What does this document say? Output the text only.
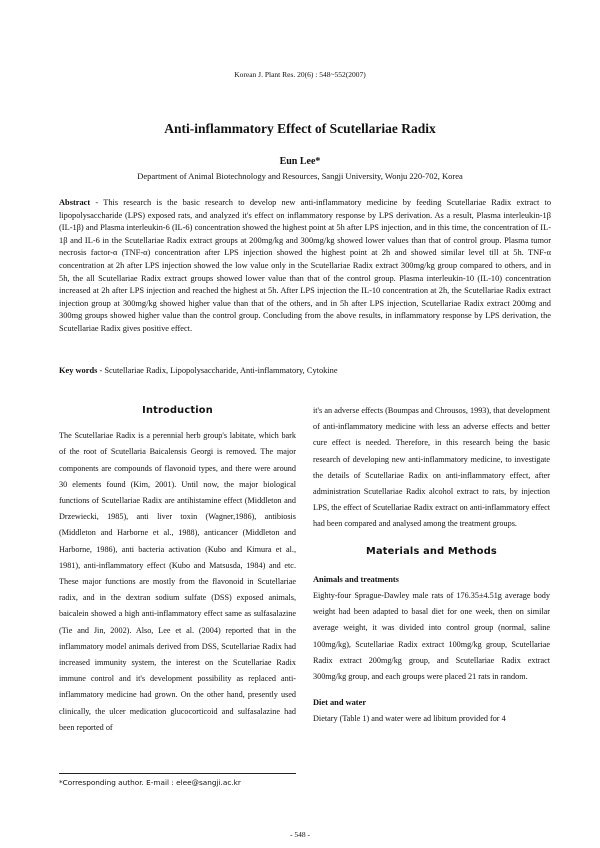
Korean J. Plant Res. 20(6) : 548~552(2007)
Anti-inflammatory Effect of Scutellariae Radix
Eun Lee*
Department of Animal Biotechnology and Resources, Sangji University, Wonju 220-702, Korea
Abstract - This research is the basic research to develop new anti-inflammatory medicine by feeding Scutellariae Radix extract to lipopolysaccharide (LPS) exposed rats, and analyzed it's effect on inflammatory response by LPS derivation. As a result, Plasma interleukin-1β (IL-1β) and Plasma interleukin-6 (IL-6) concentration showed the highest point at 5h after LPS injection, and in this time, the concentration of IL-1β and IL-6 in the Scutellariae Radix extract groups at 200mg/kg and 300mg/kg showed lower values than that of control group. Plasma tumor necrosis factor-α (TNF-α) concentration after LPS injection showed the highest point at 2h and showed similar level till at 5h. TNF-α concentration at 2h after LPS injection showed the low value only in the Scutellariae Radix extract 300mg/kg group compared to others, and in 5h, the all Scutellariae Radix extract groups showed lower value than that of the control group. Plasma interleukin-10 (IL-10) concentration increased at 2h after LPS injection and reached the highest at 5h. After LPS injection the IL-10 concentration at 2h, the Scutellariae Radix extract injection group at 300mg/kg showed higher value than that of the others, and in 5h after LPS injection, Scutellariae Radix extract 200mg and 300mg groups showed higher value than the control group. Concluding from the above results, in inflammatory response by LPS derivation, the Scutellariae Radix gives positive effect.
Key words - Scutellariae Radix, Lipopolysaccharide, Anti-inflammatory, Cytokine
Introduction

The Scutellariae Radix is a perennial herb group's labitate, which bark of the root of Scutellaria Baicalensis Georgi is removed. The major components are compounds of flavonoid types, and there were around 30 elements found (Kim, 2001). Until now, the major biological functions of Scutellariae Radix are antihistamine effect (Middleton and Drzewiecki, 1985), anti liver toxin (Wagner,1986), antibiosis (Middleton and Harborne et al., 1988), anticancer (Middleton and Harborne, 1986), anti bacteria activation (Kubo and Kimura et al., 1981), anti-inflammatory effect (Kubo and Matsusda, 1984) and etc. These major functions are mostly from the flavonoid in Scutellariae radix, and in the dextran sodium sulfate (DSS) exposed animals, baicalein showed a high anti-inflammatory effect same as sulfasalazine (Tie and Jin, 2002). Also, Lee et al. (2004) reported that in the inflammatory model animals derived from DSS, Scutellariae Radix had increased immunity system, the interest on the Scutellariae Radix immune control and it's development possibility as replaced anti-inflammatory medicine had grown. On the other hand, presently used clinically, the ulcer medication glucocorticoid and sulfasalazine had been reported of

it's an adverse effects (Boumpas and Chrousos, 1993), that development of anti-inflammatory medicine with less an adverse effects and better cure effect is needed. Therefore, in this research being the basic research of developing new anti-inflammatory medicine, to investigate the details of Scutellariae Radix on anti-inflammatory effect, after administration Scutellariae Radix alcohol extract to rats, by injection LPS, the effect of Scutellariae Radix extract on anti-inflammatory effect had been compared and analysed among the treatment groups.

Materials and Methods
Animals and treatments

Eighty-four Sprague-Dawley male rats of 176.35±4.51g average body weight had been adapted to basal diet for one week, then on similar average weight, it was divided into control group (normal, saline 100mg/kg), Scutellariae Radix extract 100mg/kg group, Scutellariae Radix extract 200mg/kg group, and Scutellariae Radix extract 300mg/kg group, and each groups were placed 21 rats in random.

Diet and water

Dietary (Table 1) and water were ad libitum provided for 4

*Corresponding author. E-mail : elee@sangji.ac.kr
- 548 -
